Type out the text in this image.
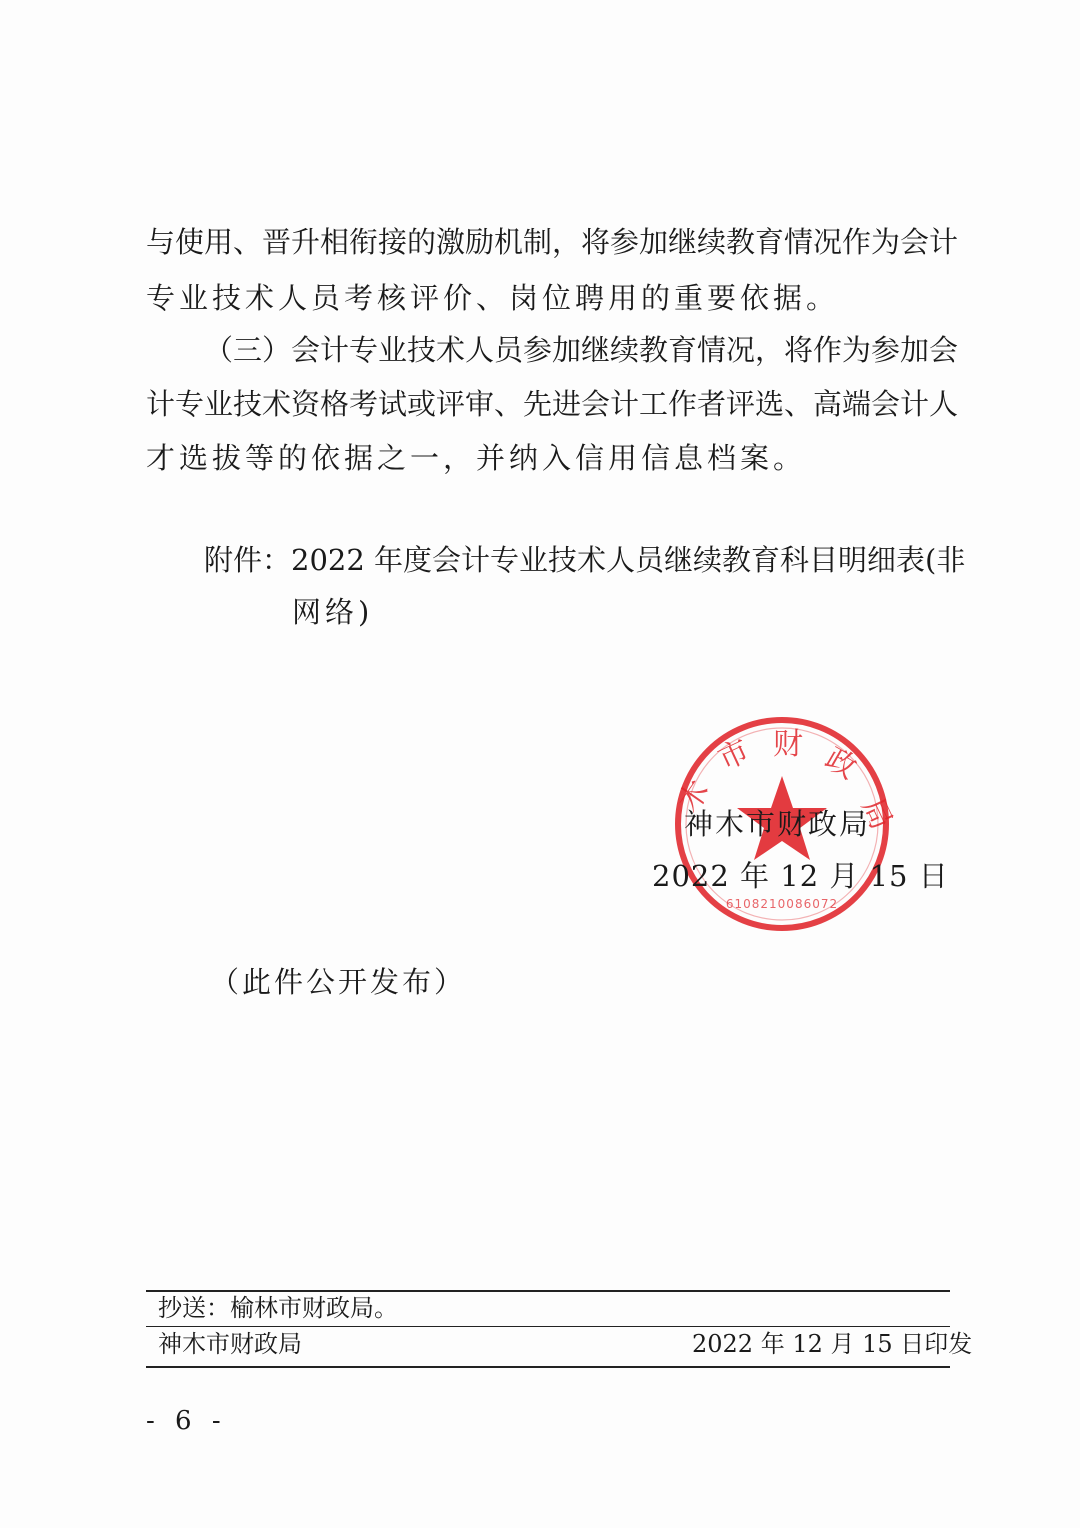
与使用、晋升相衔接的激励机制，将参加继续教育情况作为会计
专业技术人员考核评价、岗位聘用的重要依据。
（三）会计专业技术人员参加继续教育情况，将作为参加会
计专业技术资格考试或评审、先进会计工作者评选、高端会计人
才选拔等的依据之一，并纳入信用信息档案。
附件：2022 年度会计专业技术人员继续教育科目明细表(非
网络)
木
市 财 政
局
6108210086072
神木市财政局
2022 年 12 月 15 日
（此件公开发布）
抄送：榆林市财政局。
神木市财政局	2022 年 12 月 15 日印发
- 6 -
